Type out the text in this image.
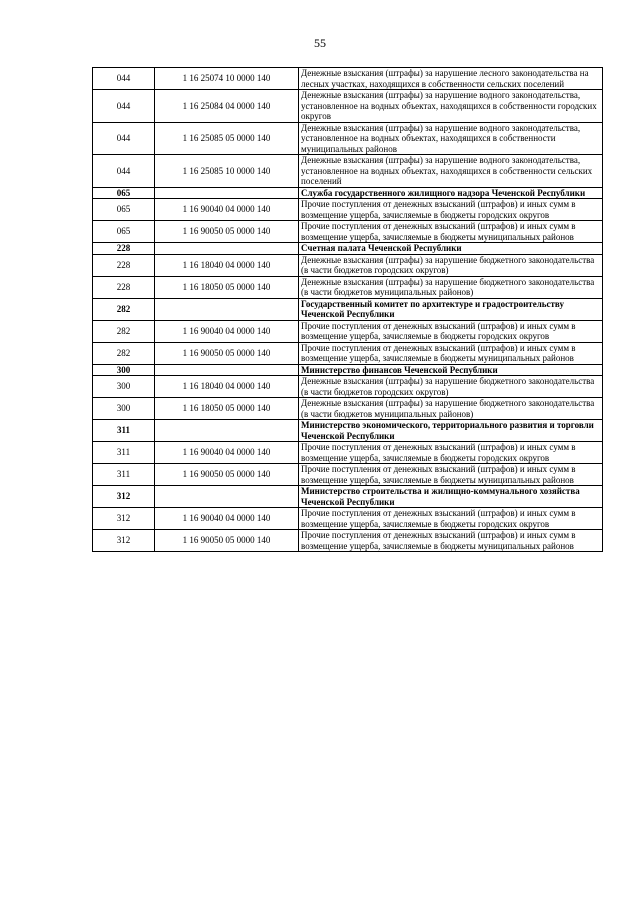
55
044	1 16 25074 10 0000 140	Денежные взыскания (штрафы) за нарушение лесного законодательства на лесных участках, находящихся в собственности сельских поселений
044	1 16 25084 04 0000 140	Денежные взыскания (штрафы) за нарушение водного законодательства, установленное на водных объектах, находящихся в собственности городских округов
044	1 16 25085 05 0000 140	Денежные взыскания (штрафы) за нарушение водного законодательства, установленное на водных объектах, находящихся в собственности муниципальных районов
044	1 16 25085 10 0000 140	Денежные взыскания (штрафы) за нарушение водного законодательства, установленное на водных объектах, находящихся в собственности сельских поселений
065		Служба государственного жилищного надзора Чеченской Республики
065	1 16 90040 04 0000 140	Прочие поступления от денежных взысканий (штрафов) и иных сумм в возмещение ущерба, зачисляемые в бюджеты городских округов
065	1 16 90050 05 0000 140	Прочие поступления от денежных взысканий (штрафов) и иных сумм в возмещение ущерба, зачисляемые в бюджеты муниципальных районов
228		Счетная палата Чеченской Республики
228	1 16 18040 04 0000 140	Денежные взыскания (штрафы) за нарушение бюджетного законодательства (в части бюджетов городских округов)
228	1 16 18050 05 0000 140	Денежные взыскания (штрафы) за нарушение бюджетного законодательства (в части бюджетов муниципальных районов)
282		Государственный комитет по архитектуре и градостроительству Чеченской Республики
282	1 16 90040 04 0000 140	Прочие поступления от денежных взысканий (штрафов) и иных сумм в возмещение ущерба, зачисляемые в бюджеты городских округов
282	1 16 90050 05 0000 140	Прочие поступления от денежных взысканий (штрафов) и иных сумм в возмещение ущерба, зачисляемые в бюджеты муниципальных районов
300		Министерство финансов Чеченской Республики
300	1 16 18040 04 0000 140	Денежные взыскания (штрафы) за нарушение бюджетного законодательства (в части бюджетов городских округов)
300	1 16 18050 05 0000 140	Денежные взыскания (штрафы) за нарушение бюджетного законодательства (в части бюджетов муниципальных районов)
311		Министерство экономического, территориального развития и торговли Чеченской Республики
311	1 16 90040 04 0000 140	Прочие поступления от денежных взысканий (штрафов) и иных сумм в возмещение ущерба, зачисляемые в бюджеты городских округов
311	1 16 90050 05 0000 140	Прочие поступления от денежных взысканий (штрафов) и иных сумм в возмещение ущерба, зачисляемые в бюджеты муниципальных районов
312		Министерство строительства и жилищно-коммунального хозяйства Чеченской Республики
312	1 16 90040 04 0000 140	Прочие поступления от денежных взысканий (штрафов) и иных сумм в возмещение ущерба, зачисляемые в бюджеты городских округов
312	1 16 90050 05 0000 140	Прочие поступления от денежных взысканий (штрафов) и иных сумм в возмещение ущерба, зачисляемые в бюджеты муниципальных районов
